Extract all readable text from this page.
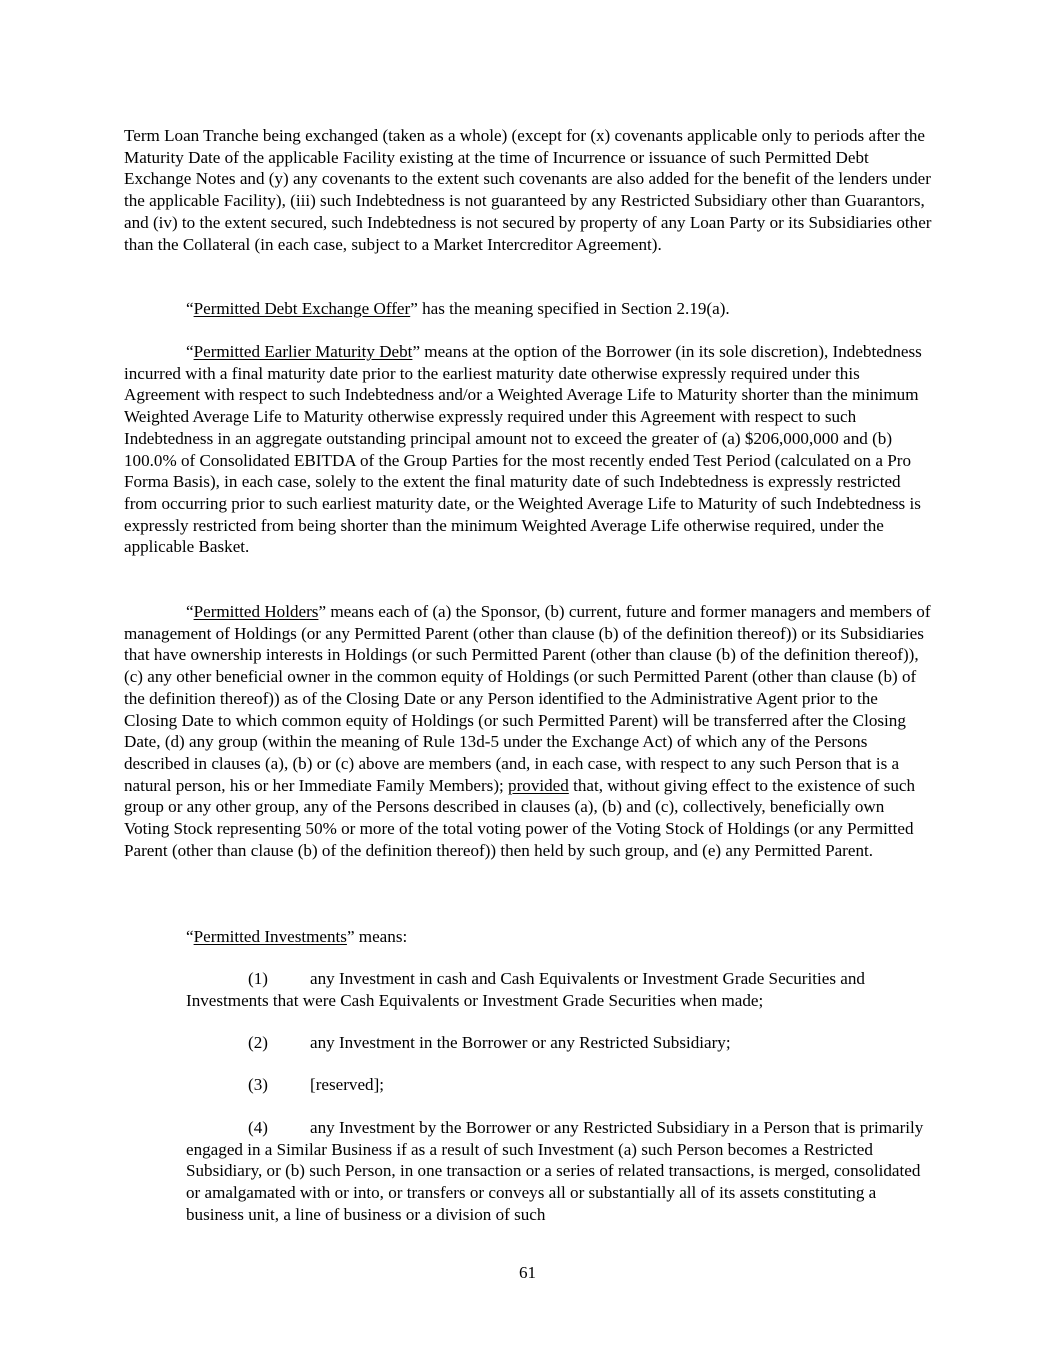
Term Loan Tranche being exchanged (taken as a whole) (except for (x) covenants applicable only to periods after the Maturity Date of the applicable Facility existing at the time of Incurrence or issuance of such Permitted Debt Exchange Notes and (y) any covenants to the extent such covenants are also added for the benefit of the lenders under the applicable Facility), (iii) such Indebtedness is not guaranteed by any Restricted Subsidiary other than Guarantors, and (iv) to the extent secured, such Indebtedness is not secured by property of any Loan Party or its Subsidiaries other than the Collateral (in each case, subject to a Market Intercreditor Agreement).

“Permitted Debt Exchange Offer” has the meaning specified in Section 2.19(a).

“Permitted Earlier Maturity Debt” means at the option of the Borrower (in its sole discretion), Indebtedness incurred with a final maturity date prior to the earliest maturity date otherwise expressly required under this Agreement with respect to such Indebtedness and/or a Weighted Average Life to Maturity shorter than the minimum Weighted Average Life to Maturity otherwise expressly required under this Agreement with respect to such Indebtedness in an aggregate outstanding principal amount not to exceed the greater of (a) $206,000,000 and (b) 100.0% of Consolidated EBITDA of the Group Parties for the most recently ended Test Period (calculated on a Pro Forma Basis), in each case, solely to the extent the final maturity date of such Indebtedness is expressly restricted from occurring prior to such earliest maturity date, or the Weighted Average Life to Maturity of such Indebtedness is expressly restricted from being shorter than the minimum Weighted Average Life otherwise required, under the applicable Basket.

“Permitted Holders” means each of (a) the Sponsor, (b) current, future and former managers and members of management of Holdings (or any Permitted Parent (other than clause (b) of the definition thereof)) or its Subsidiaries that have ownership interests in Holdings (or such Permitted Parent (other than clause (b) of the definition thereof)), (c) any other beneficial owner in the common equity of Holdings (or such Permitted Parent (other than clause (b) of the definition thereof)) as of the Closing Date or any Person identified to the Administrative Agent prior to the Closing Date to which common equity of Holdings (or such Permitted Parent) will be transferred after the Closing Date, (d) any group (within the meaning of Rule 13d-5 under the Exchange Act) of which any of the Persons described in clauses (a), (b) or (c) above are members (and, in each case, with respect to any such Person that is a natural person, his or her Immediate Family Members); provided that, without giving effect to the existence of such group or any other group, any of the Persons described in clauses (a), (b) and (c), collectively, beneficially own Voting Stock representing 50% or more of the total voting power of the Voting Stock of Holdings (or any Permitted Parent (other than clause (b) of the definition thereof)) then held by such group, and (e) any Permitted Parent.

“Permitted Investments” means:

(1) any Investment in cash and Cash Equivalents or Investment Grade Securities and Investments that were Cash Equivalents or Investment Grade Securities when made;

(2) any Investment in the Borrower or any Restricted Subsidiary;

(3) [reserved];

(4) any Investment by the Borrower or any Restricted Subsidiary in a Person that is primarily engaged in a Similar Business if as a result of such Investment (a) such Person becomes a Restricted Subsidiary, or (b) such Person, in one transaction or a series of related transactions, is merged, consolidated or amalgamated with or into, or transfers or conveys all or substantially all of its assets constituting a business unit, a line of business or a division of such

61
